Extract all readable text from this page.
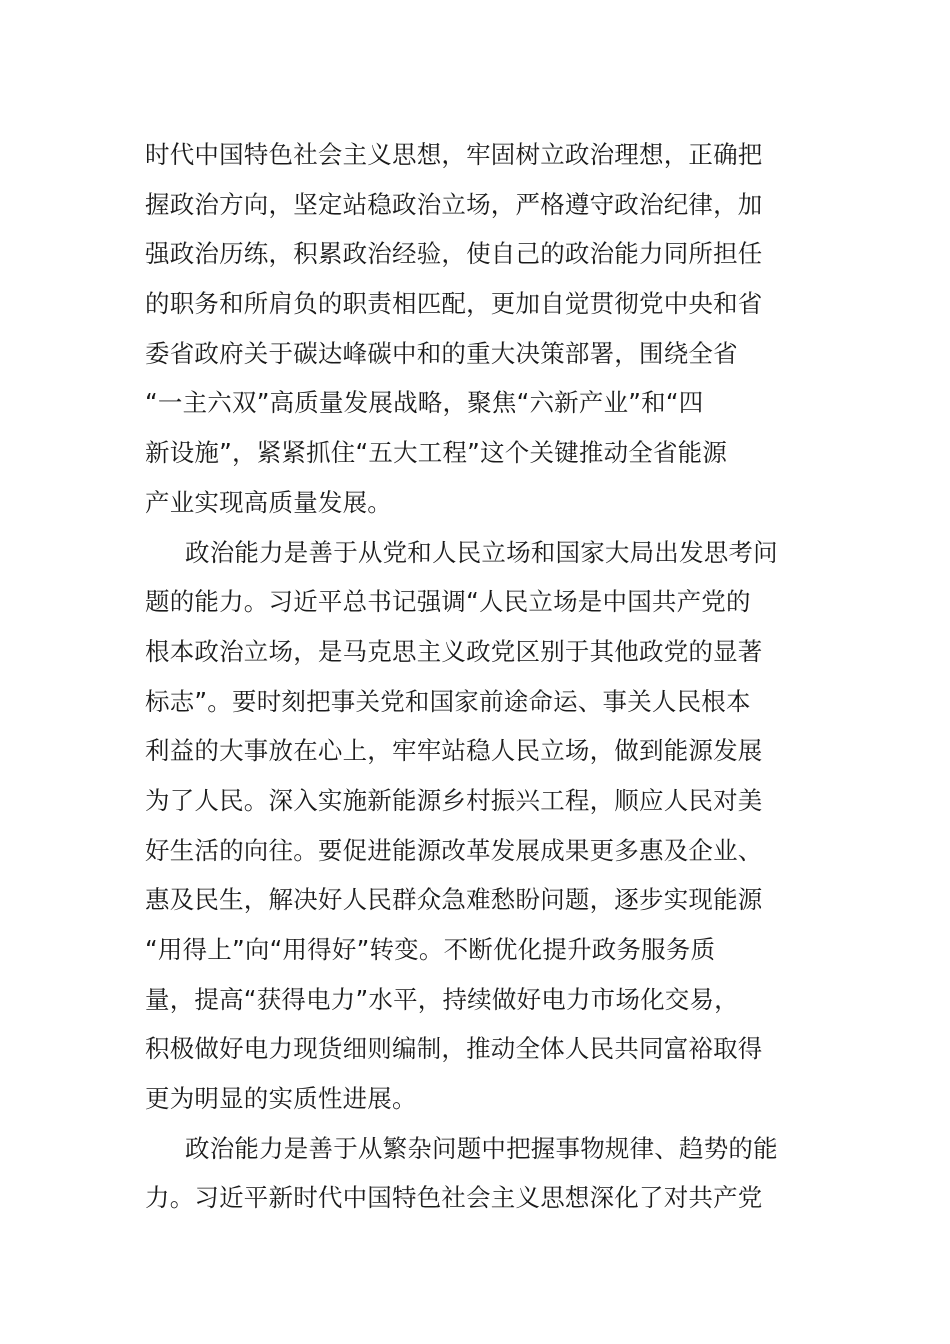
时代中国特色社会主义思想，牢固树立政治理想，正确把
握政治方向，坚定站稳政治立场，严格遵守政治纪律，加
强政治历练，积累政治经验，使自己的政治能力同所担任
的职务和所肩负的职责相匹配，更加自觉贯彻党中央和省
委省政府关于碳达峰碳中和的重大决策部署，围绕全省
“一主六双”高质量发展战略，聚焦“六新产业”和“四
新设施”，紧紧抓住“五大工程”这个关键推动全省能源
产业实现高质量发展。
政治能力是善于从党和人民立场和国家大局出发思考问
题的能力。习近平总书记强调“人民立场是中国共产党的
根本政治立场，是马克思主义政党区别于其他政党的显著
标志”。要时刻把事关党和国家前途命运、事关人民根本
利益的大事放在心上，牢牢站稳人民立场，做到能源发展
为了人民。深入实施新能源乡村振兴工程，顺应人民对美
好生活的向往。要促进能源改革发展成果更多惠及企业、
惠及民生，解决好人民群众急难愁盼问题，逐步实现能源
“用得上”向“用得好”转变。不断优化提升政务服务质
量，提高“获得电力”水平，持续做好电力市场化交易，
积极做好电力现货细则编制，推动全体人民共同富裕取得
更为明显的实质性进展。
政治能力是善于从繁杂问题中把握事物规律、趋势的能
力。习近平新时代中国特色社会主义思想深化了对共产党
